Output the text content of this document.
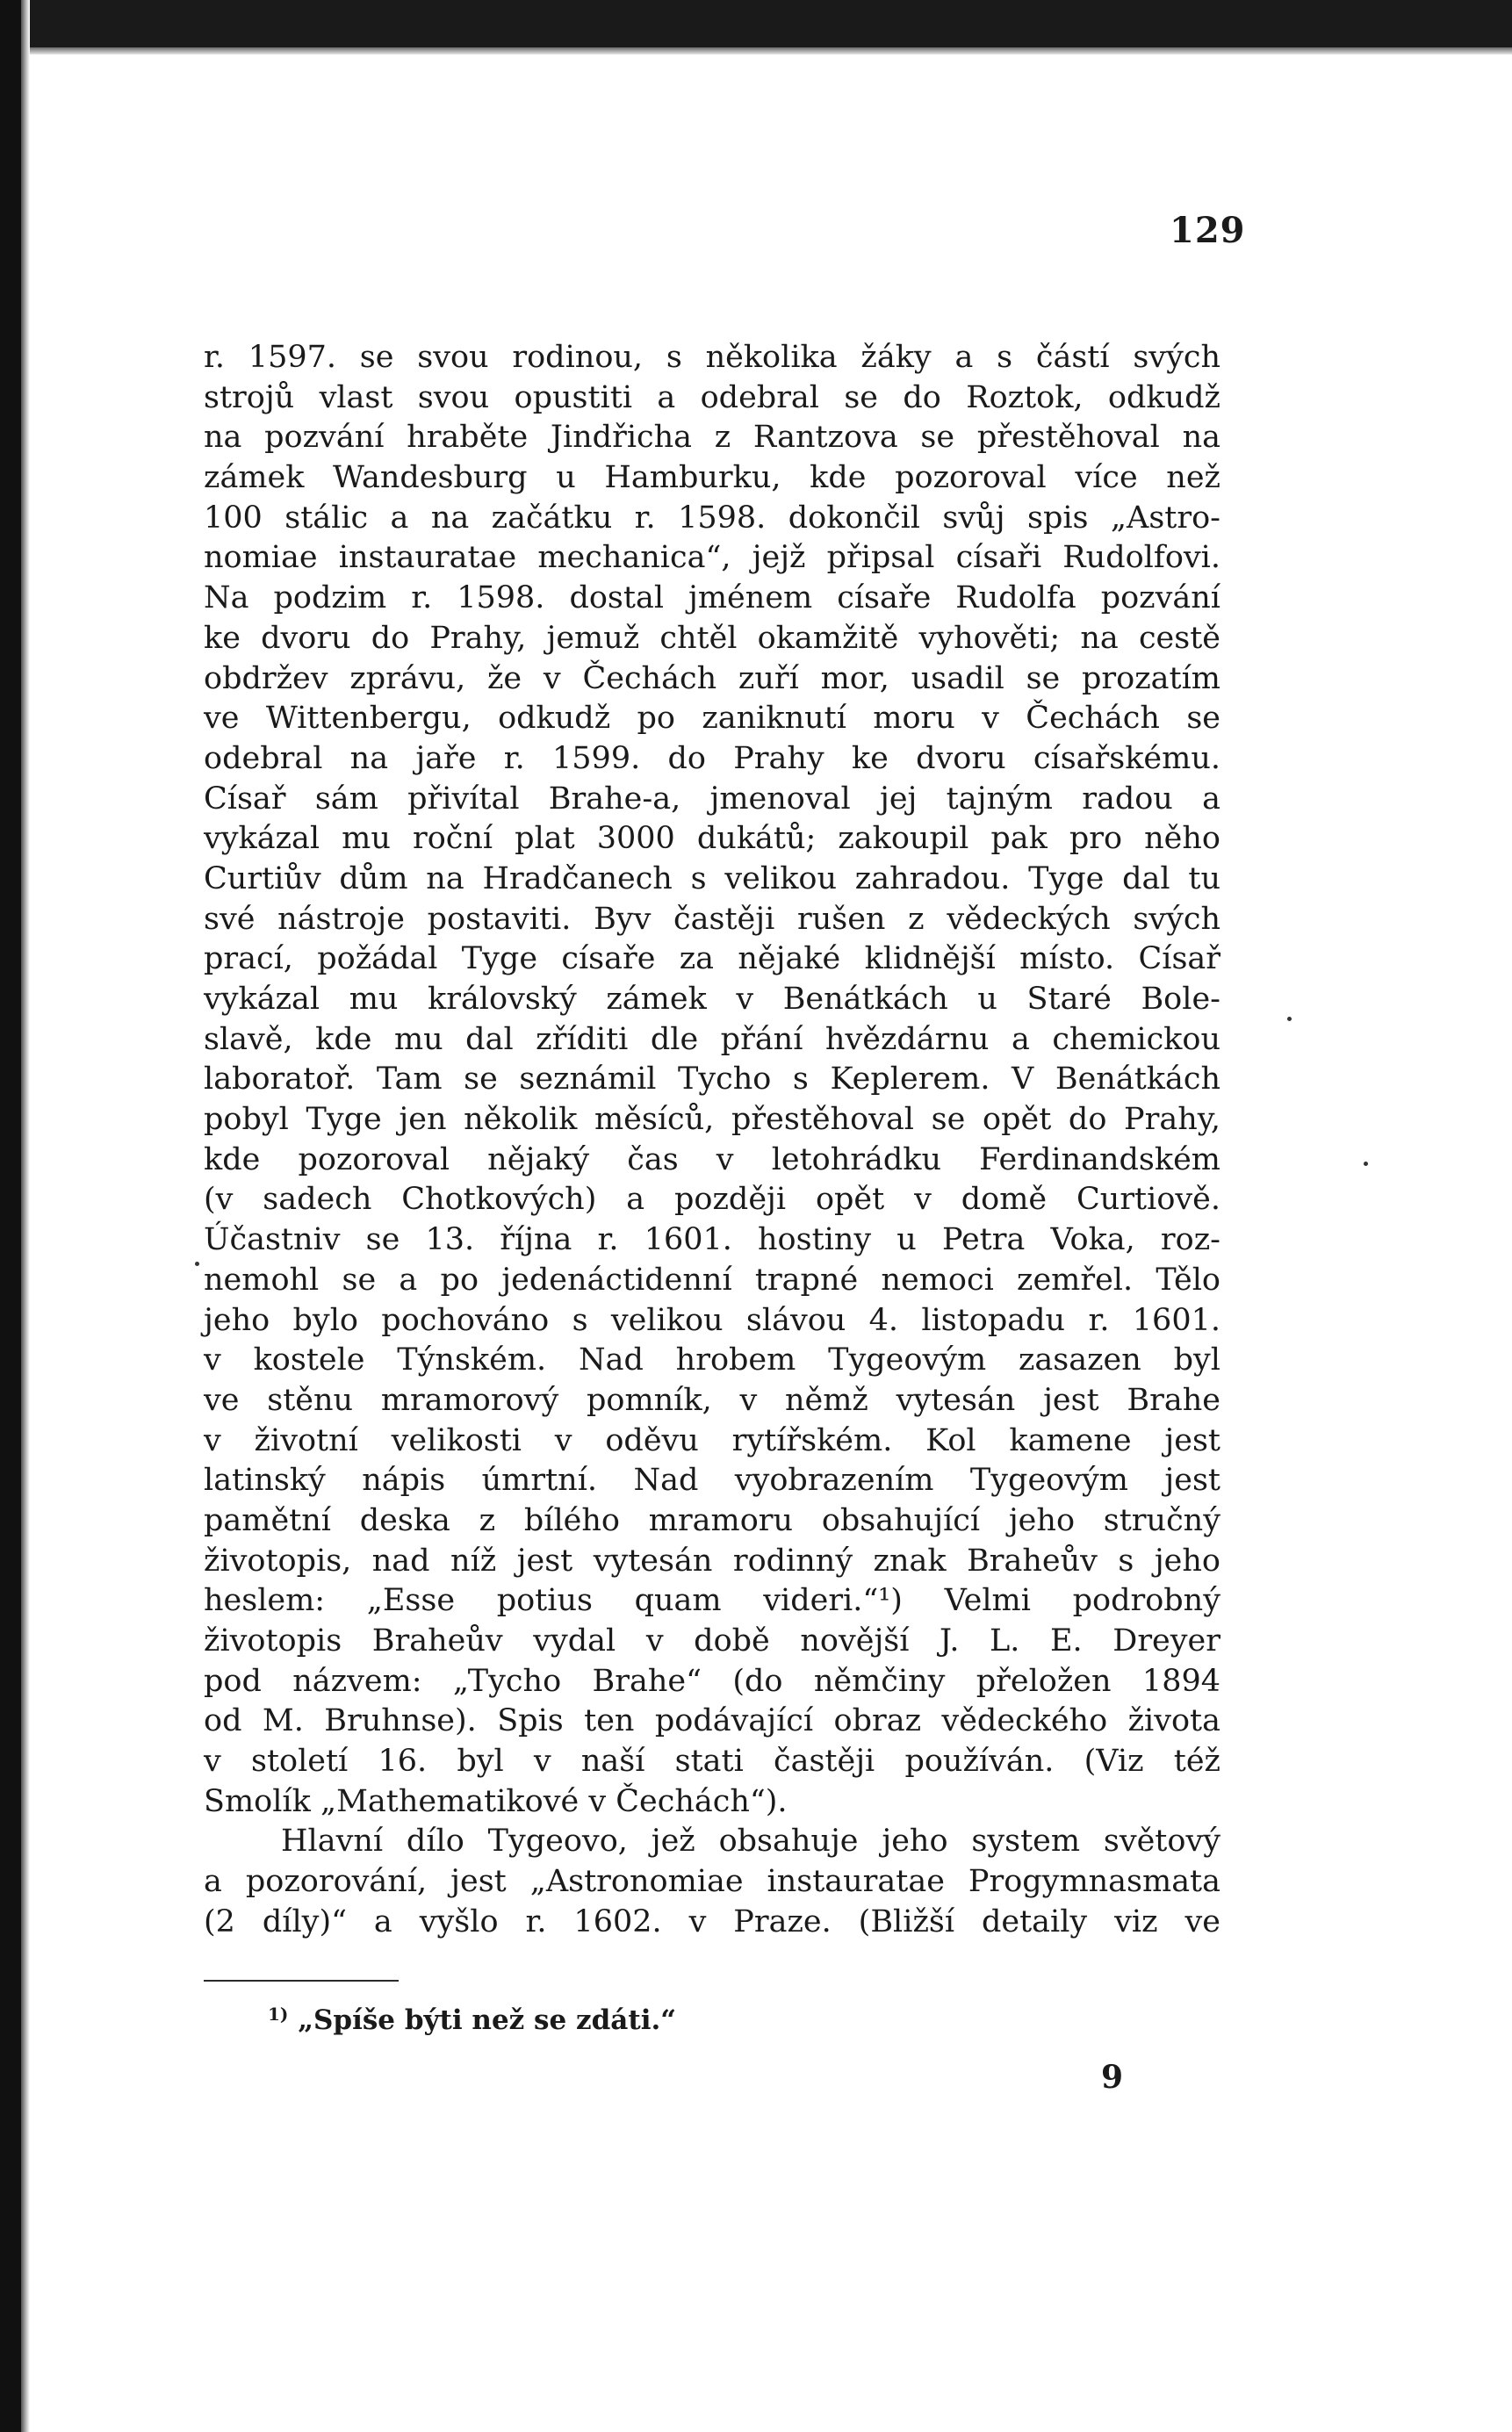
129

r. 1597. se svou rodinou, s několika žáky a s částí svých
strojů vlast svou opustiti a odebral se do Roztok, odkudž
na pozvání hraběte Jindřicha z Rantzova se přestěhoval na
zámek Wandesburg u Hamburku, kde pozoroval více než
100 stálic a na začátku r. 1598. dokončil svůj spis „Astro-
nomiae instauratae mechanica“, jejž připsal císaři Rudolfovi.
Na podzim r. 1598. dostal jménem císaře Rudolfa pozvání
ke dvoru do Prahy, jemuž chtěl okamžitě vyhověti; na cestě
obdržev zprávu, že v Čechách zuří mor, usadil se prozatím
ve Wittenbergu, odkudž po zaniknutí moru v Čechách se
odebral na jaře r. 1599. do Prahy ke dvoru císařskému.
Císař sám přivítal Brahe-a, jmenoval jej tajným radou a
vykázal mu roční plat 3000 dukátů; zakoupil pak pro něho
Curtiův dům na Hradčanech s velikou zahradou. Tyge dal tu
své nástroje postaviti. Byv častěji rušen z vědeckých svých
prací, požádal Tyge císaře za nějaké klidnější místo. Císař
vykázal mu královský zámek v Benátkách u Staré Bole-
slavě, kde mu dal zříditi dle přání hvězdárnu a chemickou
laboratoř. Tam se seznámil Tycho s Keplerem. V Benátkách
pobyl Tyge jen několik měsíců, přestěhoval se opět do Prahy,
kde pozoroval nějaký čas v letohrádku Ferdinandském
(v sadech Chotkových) a později opět v domě Curtiově.
Účastniv se 13. října r. 1601. hostiny u Petra Voka, roz-
nemohl se a po jedenáctidenní trapné nemoci zemřel. Tělo
jeho bylo pochováno s velikou slávou 4. listopadu r. 1601.
v kostele Týnském. Nad hrobem Tygeovým zasazen byl
ve stěnu mramorový pomník, v němž vytesán jest Brahe
v životní velikosti v oděvu rytířském. Kol kamene jest
latinský nápis úmrtní. Nad vyobrazením Tygeovým jest
pamětní deska z bílého mramoru obsahující jeho stručný
životopis, nad níž jest vytesán rodinný znak Braheův s jeho
heslem: „Esse potius quam videri.“¹) Velmi podrobný
životopis Braheův vydal v době novější J. L. E. Dreyer
pod názvem: „Tycho Brahe“ (do němčiny přeložen 1894
od M. Bruhnse). Spis ten podávající obraz vědeckého života
v století 16. byl v naší stati častěji používán. (Viz též
Smolík „Mathematikové v Čechách“).
Hlavní dílo Tygeovo, jež obsahuje jeho system světový
a pozorování, jest „Astronomiae instauratae Progymnasmata
(2 díly)“ a vyšlo r. 1602. v Praze. (Bližší detaily viz ve

$^{1)}$ „Spíše býti než se zdáti.“

9
